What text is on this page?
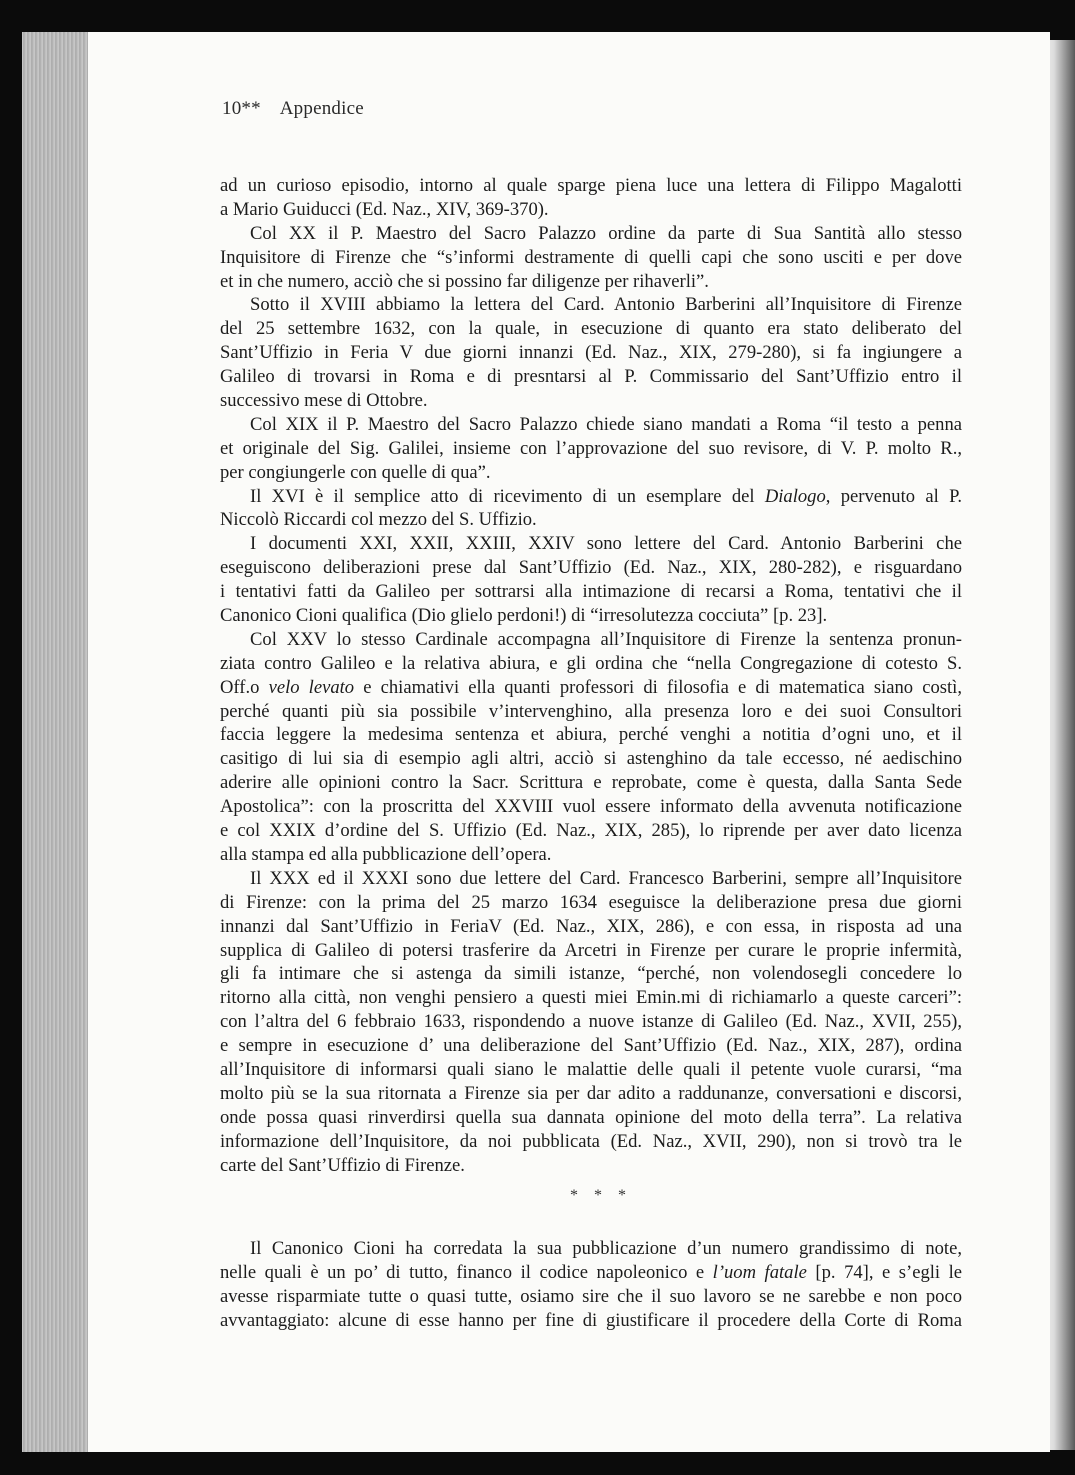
10** Appendice
ad un curioso episodio, intorno al quale sparge piena luce una lettera di Filippo Magalotti
a Mario Guiducci (Ed. Naz., XIV, 369-370).
Col XX il P. Maestro del Sacro Palazzo ordine da parte di Sua Santità allo stesso
Inquisitore di Firenze che “s’informi destramente di quelli capi che sono usciti e per dove
et in che numero, acciò che si possino far diligenze per rihaverli”.
Sotto il XVIII abbiamo la lettera del Card. Antonio Barberini all’Inquisitore di Firenze
del 25 settembre 1632, con la quale, in esecuzione di quanto era stato deliberato del
Sant’Uffizio in Feria V due giorni innanzi (Ed. Naz., XIX, 279-280), si fa ingiungere a
Galileo di trovarsi in Roma e di presntarsi al P. Commissario del Sant’Uffizio entro il
successivo mese di Ottobre.
Col XIX il P. Maestro del Sacro Palazzo chiede siano mandati a Roma “il testo a penna
et originale del Sig. Galilei, insieme con l’approvazione del suo revisore, di V. P. molto R.,
per congiungerle con quelle di qua”.
Il XVI è il semplice atto di ricevimento di un esemplare del Dialogo, pervenuto al P.
Niccolò Riccardi col mezzo del S. Uffizio.
I documenti XXI, XXII, XXIII, XXIV sono lettere del Card. Antonio Barberini che
eseguiscono deliberazioni prese dal Sant’Uffizio (Ed. Naz., XIX, 280-282), e risguardano
i tentativi fatti da Galileo per sottrarsi alla intimazione di recarsi a Roma, tentativi che il
Canonico Cioni qualifica (Dio glielo perdoni!) di “irresolutezza cocciuta” [p. 23].
Col XXV lo stesso Cardinale accompagna all’Inquisitore di Firenze la sentenza pronun-
ziata contro Galileo e la relativa abiura, e gli ordina che “nella Congregazione di cotesto S.
Off.o velo levato e chiamativi ella quanti professori di filosofia e di matematica siano costì,
perché quanti più sia possibile v’intervenghino, alla presenza loro e dei suoi Consultori
faccia leggere la medesima sentenza et abiura, perché venghi a notitia d’ogni uno, et il
casitigo di lui sia di esempio agli altri, acciò si astenghino da tale eccesso, né aedischino
aderire alle opinioni contro la Sacr. Scrittura e reprobate, come è questa, dalla Santa Sede
Apostolica”: con la proscritta del XXVIII vuol essere informato della avvenuta notificazione
e col XXIX d’ordine del S. Uffizio (Ed. Naz., XIX, 285), lo riprende per aver dato licenza
alla stampa ed alla pubblicazione dell’opera.
Il XXX ed il XXXI sono due lettere del Card. Francesco Barberini, sempre all’Inquisitore
di Firenze: con la prima del 25 marzo 1634 eseguisce la deliberazione presa due giorni
innanzi dal Sant’Uffizio in FeriaV (Ed. Naz., XIX, 286), e con essa, in risposta ad una
supplica di Galileo di potersi trasferire da Arcetri in Firenze per curare le proprie infermità,
gli fa intimare che si astenga da simili istanze, “perché, non volendosegli concedere lo
ritorno alla città, non venghi pensiero a questi miei Emin.mi di richiamarlo a queste carceri”:
con l’altra del 6 febbraio 1633, rispondendo a nuove istanze di Galileo (Ed. Naz., XVII, 255),
e sempre in esecuzione d’ una deliberazione del Sant’Uffizio (Ed. Naz., XIX, 287), ordina
all’Inquisitore di informarsi quali siano le malattie delle quali il petente vuole curarsi, “ma
molto più se la sua ritornata a Firenze sia per dar adito a raddunanze, conversationi e discorsi,
onde possa quasi rinverdirsi quella sua dannata opinione del moto della terra”. La relativa
informazione dell’Inquisitore, da noi pubblicata (Ed. Naz., XVII, 290), non si trovò tra le
carte del Sant’Uffizio di Firenze.
* * *
Il Canonico Cioni ha corredata la sua pubblicazione d’un numero grandissimo di note,
nelle quali è un po’ di tutto, financo il codice napoleonico e l’uom fatale [p. 74], e s’egli le
avesse risparmiate tutte o quasi tutte, osiamo sire che il suo lavoro se ne sarebbe e non poco
avvantaggiato: alcune di esse hanno per fine di giustificare il procedere della Corte di Roma
